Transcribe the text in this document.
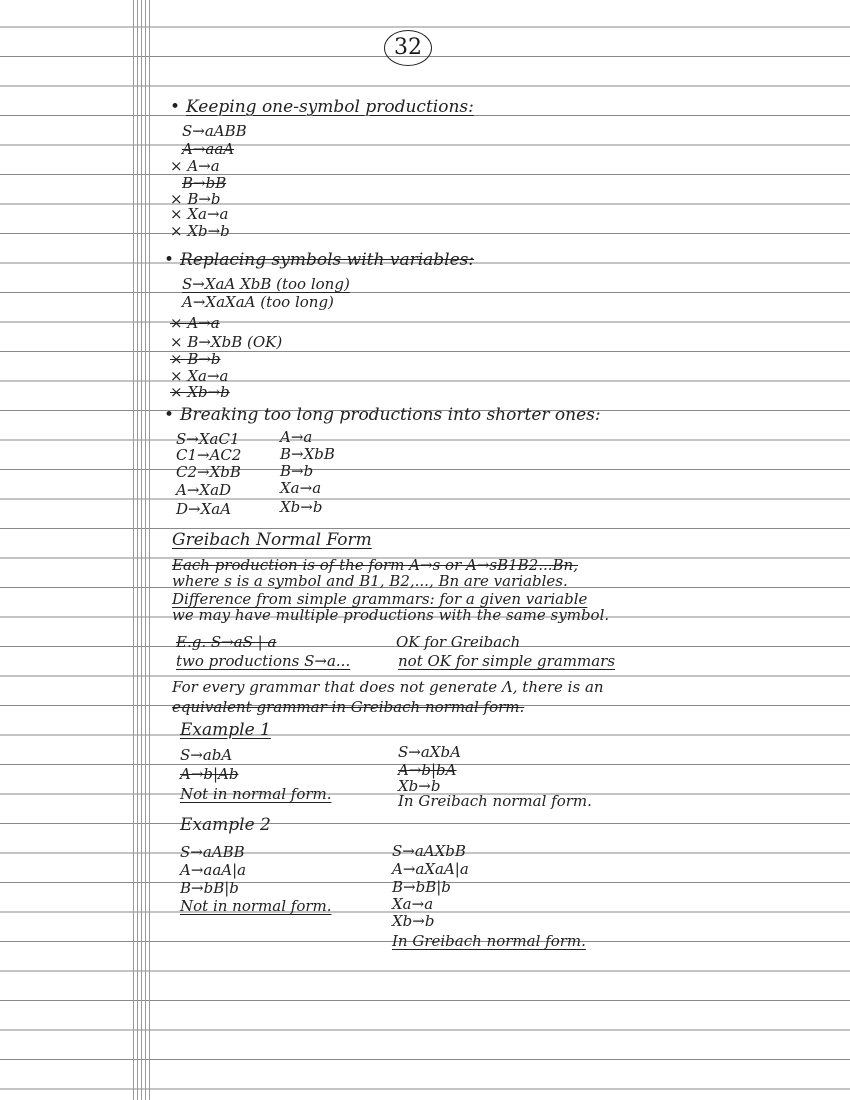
32
• Keeping one-symbol productions:
S→aABB
A→aaA
× A→a
B→bB
× B→b
× Xa→a
× Xb→b
• Replacing symbols with variables:
S→XaA XbB (too long)
A→XaXaA (too long)
× A→a
× B→XbB (OK)
× B→b
× Xa→a
× Xb→b
• Breaking too long productions into shorter ones:
S→XaC1
C1→AC2
C2→XbB
A→XaD
D→XaA
A→a
B→XbB
B→b
Xa→a
Xb→b
Greibach Normal Form
Each production is of the form A→s or A→sB1B2...Bn,
where s is a symbol and B1, B2,..., Bn are variables.
Difference from simple grammars: for a given variable
we may have multiple productions with the same symbol.
E.g. S→aS | a	OK for Greibach
two productions S→a...	not OK for simple grammars
For every grammar that does not generate Λ, there is an
equivalent grammar in Greibach normal form.
Example 1
S→abA
A→b|Ab
Not in normal form.
S→aXbA
A→b|bA
Xb→b
In Greibach normal form.
Example 2
S→aABB
A→aaA|a
B→bB|b
Not in normal form.
S→aAXbB
A→aXaA|a
B→bB|b
Xa→a
Xb→b
In Greibach normal form.
